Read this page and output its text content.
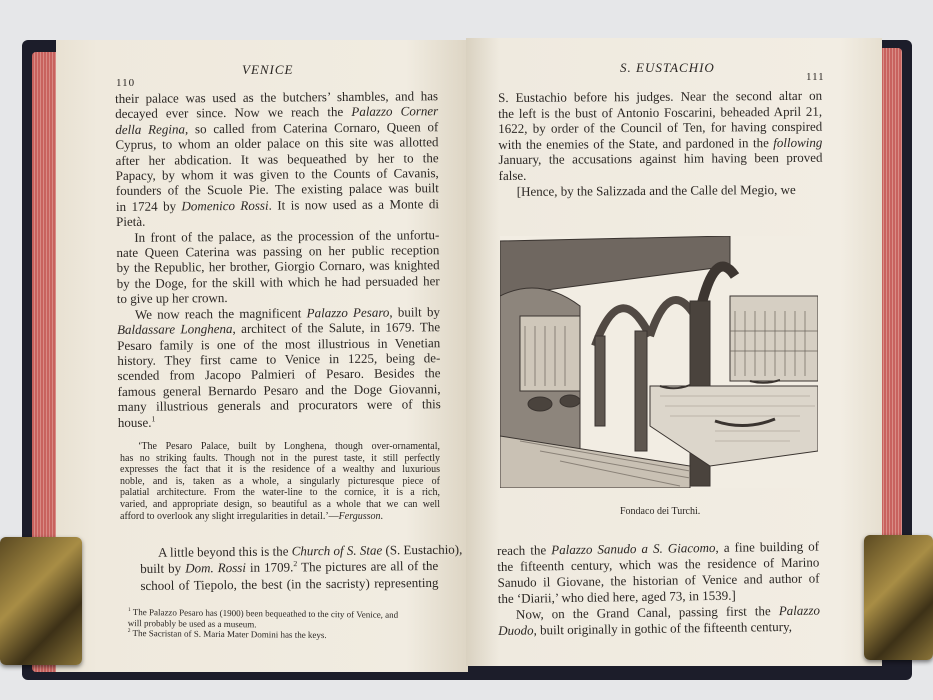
110
VENICE
their palace was used as the butchers’ shambles, and has
decayed ever since. Now we reach the Palazzo Corner
della Regina, so called from Caterina Cornaro, Queen of
Cyprus, to whom an older palace on this site was allotted
after her abdication. It was bequeathed by her to the
Papacy, by whom it was given to the Counts of Cavanis,
founders of the Scuole Pie. The existing palace was built
in 1724 by Domenico Rossi. It is now used as a Monte di
Pietà.
In front of the palace, as the procession of the unfortu-
nate Queen Caterina was passing on her public reception
by the Republic, her brother, Giorgio Cornaro, was knighted
by the Doge, for the skill with which he had persuaded her
to give up her crown.
We now reach the magnificent Palazzo Pesaro, built by
Baldassare Longhena, architect of the Salute, in 1679. The
Pesaro family is one of the most illustrious in Venetian
history. They first came to Venice in 1225, being de-
scended from Jacopo Palmieri of Pesaro. Besides the
famous general Bernardo Pesaro and the Doge Giovanni,
many illustrious generals and procurators were of this
house.$^1$
‘The Pesaro Palace, built by Longhena, though over-ornamental,
has no striking faults. Though not in the purest taste, it still perfectly
expresses the fact that it is the residence of a wealthy and luxurious
noble, and is, taken as a whole, a singularly picturesque piece of
palatial architecture. From the water-line to the cornice, it is a rich,
varied, and appropriate design, so beautiful as a whole that we can well
afford to overlook any slight irregularities in detail.’—Fergusson.
A little beyond this is the Church of S. Stae (S. Eustachio),
built by Dom. Rossi in 1709.$^2$ The pictures are all of the
school of Tiepolo, the best (in the sacristy) representing
$^1$ The Palazzo Pesaro has (1900) been bequeathed to the city of Venice, and
will probably be used as a museum.
$^2$ The Sacristan of S. Maria Mater Domini has the keys.
S. EUSTACHIO
111
S. Eustachio before his judges. Near the second altar on
the left is the bust of Antonio Foscarini, beheaded April 21,
1622, by order of the Council of Ten, for having conspired
with the enemies of the State, and pardoned in the following
January, the accusations against him having been proved
false.
[Hence, by the Salizzada and the Calle del Megio, we
Fondaco dei Turchi.
reach the Palazzo Sanudo a S. Giacomo, a fine building of
the fifteenth century, which was the residence of Marino
Sanudo il Giovane, the historian of Venice and author of
the ‘Diarii,’ who died here, aged 73, in 1539.]
Now, on the Grand Canal, passing first the Palazzo
Duodo, built originally in gothic of the fifteenth century,
